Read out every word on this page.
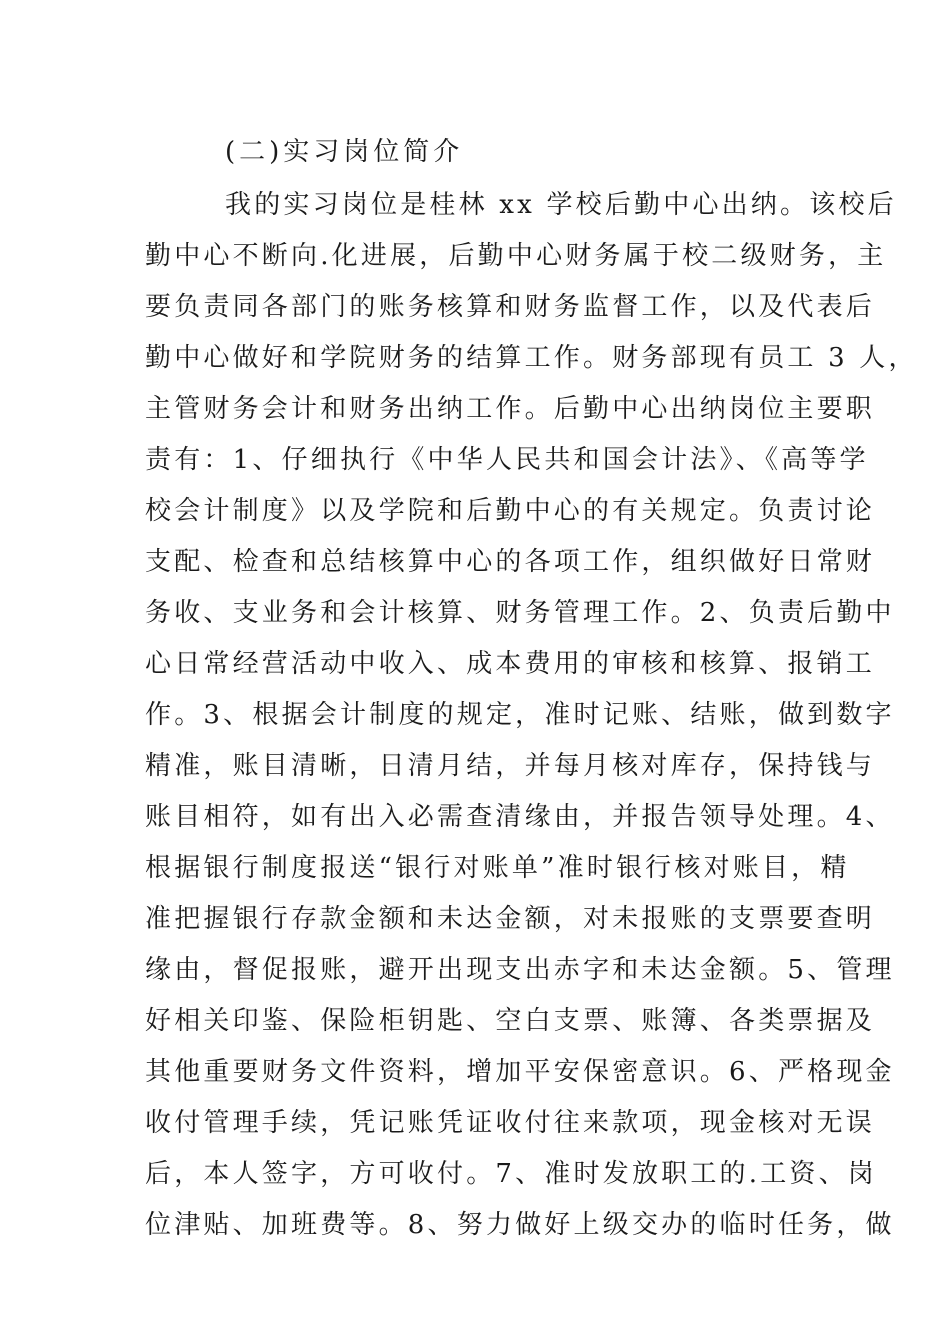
(二)实习岗位简介
我的实习岗位是桂林 xx 学校后勤中心出纳。该校后
勤中心不断向.化进展，后勤中心财务属于校二级财务，主
要负责同各部门的账务核算和财务监督工作，以及代表后
勤中心做好和学院财务的结算工作。财务部现有员工 3 人，
主管财务会计和财务出纳工作。后勤中心出纳岗位主要职
责有：1、仔细执行《中华人民共和国会计法》、《高等学
校会计制度》以及学院和后勤中心的有关规定。负责讨论
支配、检查和总结核算中心的各项工作，组织做好日常财
务收、支业务和会计核算、财务管理工作。2、负责后勤中
心日常经营活动中收入、成本费用的审核和核算、报销工
作。3、根据会计制度的规定，准时记账、结账，做到数字
精准，账目清晰，日清月结，并每月核对库存，保持钱与
账目相符，如有出入必需查清缘由，并报告领导处理。4、
根据银行制度报送“银行对账单”准时银行核对账目，精
准把握银行存款金额和未达金额，对未报账的支票要查明
缘由，督促报账，避开出现支出赤字和未达金额。5、管理
好相关印鉴、保险柜钥匙、空白支票、账簿、各类票据及
其他重要财务文件资料，增加平安保密意识。6、严格现金
收付管理手续，凭记账凭证收付往来款项，现金核对无误
后，本人签字，方可收付。7、准时发放职工的.工资、岗
位津贴、加班费等。8、努力做好上级交办的临时任务，做
